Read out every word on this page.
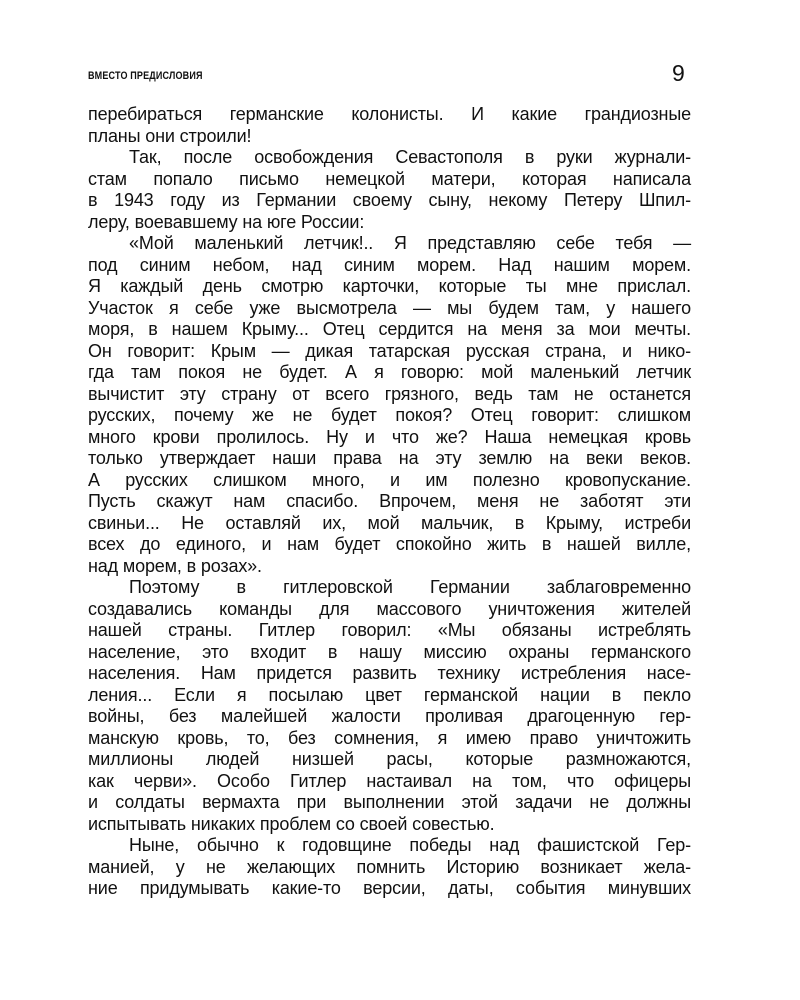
ВМЕСТО ПРЕДИСЛОВИЯ	9
перебираться германские колонисты. И какие грандиозные
планы они строили!
Так, после освобождения Севастополя в руки журнали-
стам попало письмо немецкой матери, которая написала
в 1943 году из Германии своему сыну, некому Петеру Шпил-
леру, воевавшему на юге России:
«Мой маленький летчик!.. Я представляю себе тебя —
под синим небом, над синим морем. Над нашим морем.
Я каждый день смотрю карточки, которые ты мне прислал.
Участок я себе уже высмотрела — мы будем там, у нашего
моря, в нашем Крыму... Отец сердится на меня за мои мечты.
Он говорит: Крым — дикая татарская русская страна, и нико-
гда там покоя не будет. А я говорю: мой маленький летчик
вычистит эту страну от всего грязного, ведь там не останется
русских, почему же не будет покоя? Отец говорит: слишком
много крови пролилось. Ну и что же? Наша немецкая кровь
только утверждает наши права на эту землю на веки веков.
А русских слишком много, и им полезно кровопускание.
Пусть скажут нам спасибо. Впрочем, меня не заботят эти
свиньи... Не оставляй их, мой мальчик, в Крыму, истреби
всех до единого, и нам будет спокойно жить в нашей вилле,
над морем, в розах».
Поэтому в гитлеровской Германии заблаговременно
создавались команды для массового уничтожения жителей
нашей страны. Гитлер говорил: «Мы обязаны истреблять
население, это входит в нашу миссию охраны германского
населения. Нам придется развить технику истребления насе-
ления... Если я посылаю цвет германской нации в пекло
войны, без малейшей жалости проливая драгоценную гер-
манскую кровь, то, без сомнения, я имею право уничтожить
миллионы людей низшей расы, которые размножаются,
как черви». Особо Гитлер настаивал на том, что офицеры
и солдаты вермахта при выполнении этой задачи не должны
испытывать никаких проблем со своей совестью.
Ныне, обычно к годовщине победы над фашистской Гер-
манией, у не желающих помнить Историю возникает жела-
ние придумывать какие-то версии, даты, события минувших
